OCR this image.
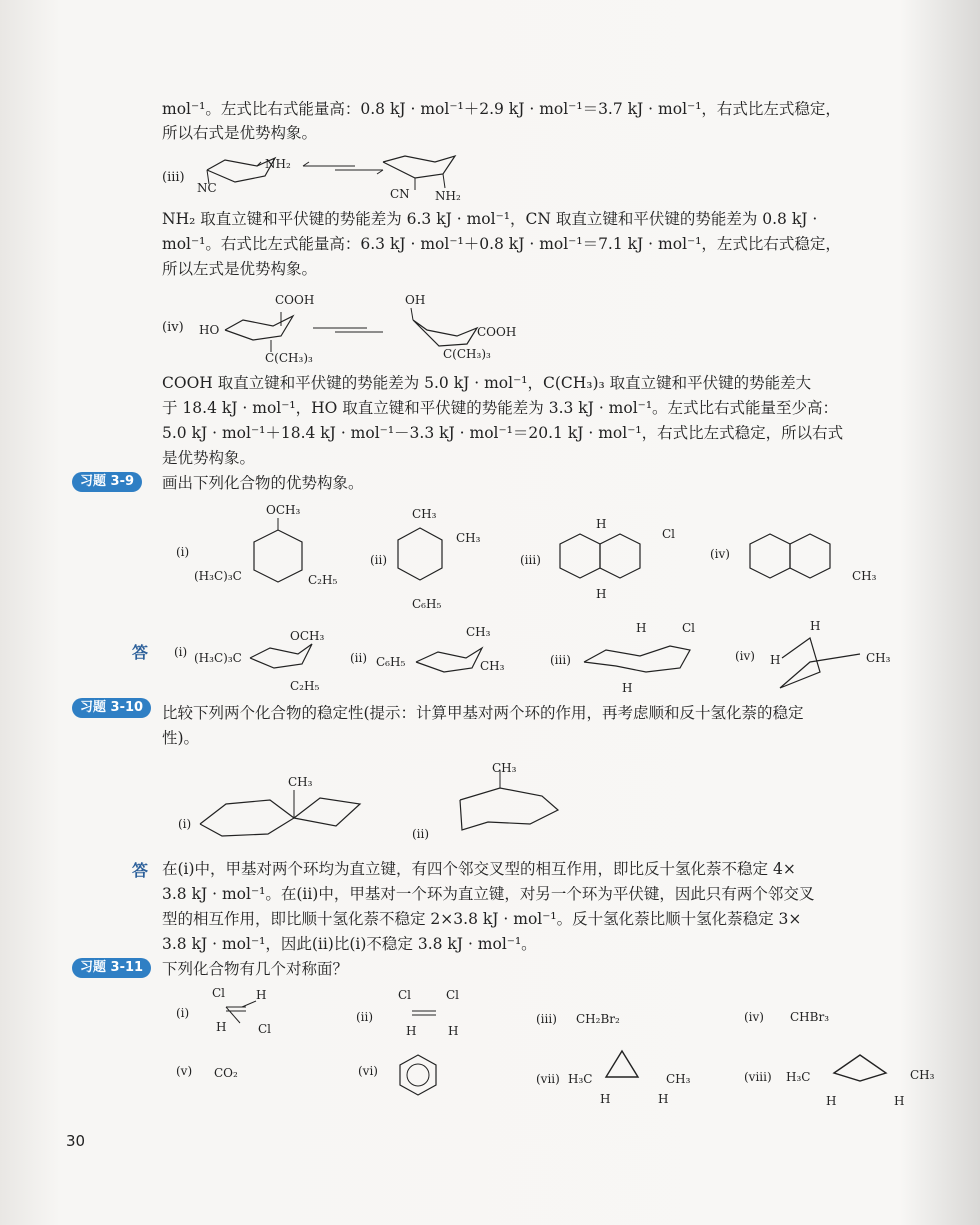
mol⁻¹。左式比右式能量高：0.8 kJ · mol⁻¹＋2.9 kJ · mol⁻¹＝3.7 kJ · mol⁻¹，右式比左式稳定，
所以右式是优势构象。
(iii)
NH₂
NC	CN NH₂
NH₂ 取直立键和平伏键的势能差为 6.3 kJ · mol⁻¹，CN 取直立键和平伏键的势能差为 0.8 kJ ·
mol⁻¹。右式比左式能量高：6.3 kJ · mol⁻¹＋0.8 kJ · mol⁻¹＝7.1 kJ · mol⁻¹，左式比右式稳定，
所以左式是优势构象。
(iv)
COOH
HO
C(CH₃)₃
OH
COOH
C(CH₃)₃
COOH 取直立键和平伏键的势能差为 5.0 kJ · mol⁻¹，C(CH₃)₃ 取直立键和平伏键的势能差大
于 18.4 kJ · mol⁻¹，HO 取直立键和平伏键的势能差为 3.3 kJ · mol⁻¹。左式比右式能量至少高：
5.0 kJ · mol⁻¹＋18.4 kJ · mol⁻¹－3.3 kJ · mol⁻¹＝20.1 kJ · mol⁻¹，右式比左式稳定，所以右式
是优势构象。
习题 3-9	画出下列化合物的优势构象。
(i)
OCH₃
(H₃C)₃C	C₂H₅
(ii)
CH₃
CH₃
C₆H₅
(iii)
H
H
Cl
(iv)
CH₃
答 (i) (H₃C)₃C
OCH₃
C₂H₅
(ii) C₆H₅
CH₃
CH₃	(iii)
H	Cl
H
(iv) H
H
CH₃
习题 3-10	比较下列两个化合物的稳定性(提示：计算甲基对两个环的作用，再考虑顺和反十氢化萘的稳定
性)。
(i)
CH₃
(ii)
CH₃
答 在(i)中，甲基对两个环均为直立键，有四个邻交叉型的相互作用，即比反十氢化萘不稳定 4×
3.8 kJ · mol⁻¹。在(ii)中，甲基对一个环为直立键，对另一个环为平伏键，因此只有两个邻交叉
型的相互作用，即比顺十氢化萘不稳定 2×3.8 kJ · mol⁻¹。反十氢化萘比顺十氢化萘稳定 3×
3.8 kJ · mol⁻¹，因此(ii)比(i)不稳定 3.8 kJ · mol⁻¹。
习题 3-11	下列化合物有几个对称面？
(i)
Cl	H
H	Cl
(ii)
Cl	Cl
H	H
(iii) CH₂Br₂	(iv) CHBr₃
(v) CO₂	(vi)
(vii) H₃C	CH₃
H	H
(viii) H₃C	CH₃
H	H
30
